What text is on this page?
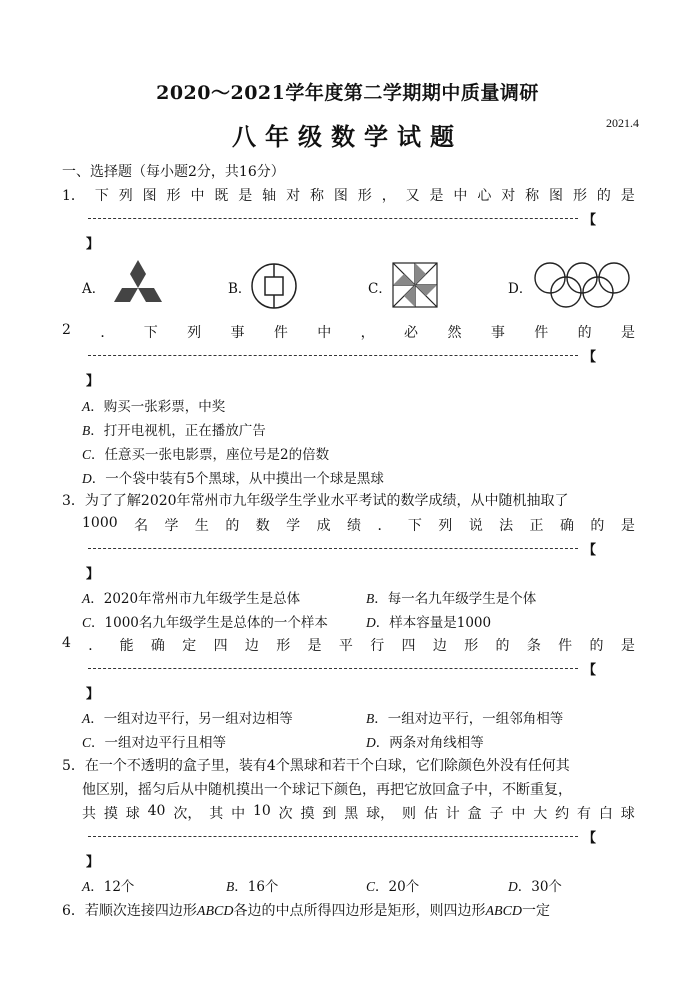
2020～2021学年度第二学期期中质量调研
八年级数学试题	2021.4
一、选择题（每小题2分，共16分）
1． 下 列 图 形 中 既 是 轴 对 称 图 形 ， 又 是 中 心 对 称 图 形 的 是
【
】
A．	B．	C．	D．
2 ． 下 列 事 件 中 ， 必 然 事 件 的 是
【
】
A．购买一张彩票，中奖
B．打开电视机，正在播放广告
C．任意买一张电影票，座位号是2的倍数
D．一个袋中装有5个黑球，从中摸出一个球是黑球
3．为了了解2020年常州市九年级学生学业水平考试的数学成绩，从中随机抽取了
1000 名 学 生 的 数 学 成 绩 ． 下 列 说 法 正 确 的 是
【
】
A．2020年常州市九年级学生是总体	B．每一名九年级学生是个体
C．1000名九年级学生是总体的一个样本	D．样本容量是1000
4 ． 能 确 定 四 边 形 是 平 行 四 边 形 的 条 件 的 是
【
】
A．一组对边平行，另一组对边相等	B．一组对边平行，一组邻角相等
C．一组对边平行且相等	D．两条对角线相等
5．在一个不透明的盒子里，装有4个黑球和若干个白球，它们除颜色外没有任何其
他区别，摇匀后从中随机摸出一个球记下颜色，再把它放回盒子中，不断重复，
共 摸 球 40 次， 其 中 10 次 摸 到 黑 球， 则 估 计 盒 子 中 大 约 有 白 球
【
】
A．12个	B．16个	C．20个	D．30个
6．若顺次连接四边形ABCD各边的中点所得四边形是矩形，则四边形ABCD一定
